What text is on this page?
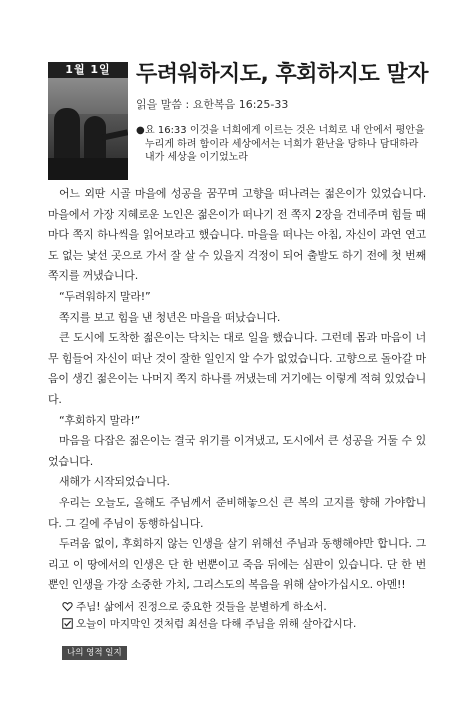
1월 1일	두려워하지도, 후회하지도 말자
읽을 말씀 : 요한복음 16:25-33
● 요 16:33 이것을 너희에게 이르는 것은 너희로 내 안에서 평안을 누리게 하려 함이라 세상에서는 너희가 환난을 당하나 담대하라 내가 세상을 이기었노라

어느 외딴 시골 마을에 성공을 꿈꾸며 고향을 떠나려는 젊은이가 있었습니다. 마을에서 가장 지혜로운 노인은 젊은이가 떠나기 전 쪽지 2장을 건네주며 힘들 때마다 쪽지 하나씩을 읽어보라고 했습니다. 마을을 떠나는 아침, 자신이 과연 연고도 없는 낯선 곳으로 가서 잘 살 수 있을지 걱정이 되어 출발도 하기 전에 첫 번째 쪽지를 꺼냈습니다.

“두려워하지 말라!”

쪽지를 보고 힘을 낸 청년은 마을을 떠났습니다.

큰 도시에 도착한 젊은이는 닥치는 대로 일을 했습니다. 그런데 몸과 마음이 너무 힘들어 자신이 떠난 것이 잘한 일인지 알 수가 없었습니다. 고향으로 돌아갈 마음이 생긴 젊은이는 나머지 쪽지 하나를 꺼냈는데 거기에는 이렇게 적혀 있었습니다.

“후회하지 말라!”

마음을 다잡은 젊은이는 결국 위기를 이겨냈고, 도시에서 큰 성공을 거둘 수 있었습니다.

새해가 시작되었습니다.

우리는 오늘도, 올해도 주님께서 준비해놓으신 큰 복의 고지를 향해 가야합니다. 그 길에 주님이 동행하십니다.

두려움 없이, 후회하지 않는 인생을 살기 위해선 주님과 동행해야만 합니다. 그리고 이 땅에서의 인생은 단 한 번뿐이고 죽음 뒤에는 심판이 있습니다. 단 한 번뿐인 인생을 가장 소중한 가치, 그리스도의 복음을 위해 살아가십시오. 아멘!!

주님! 삶에서 진정으로 중요한 것들을 분별하게 하소서.
오늘이 마지막인 것처럼 최선을 다해 주님을 위해 살아갑시다.
나의 영적 일지
